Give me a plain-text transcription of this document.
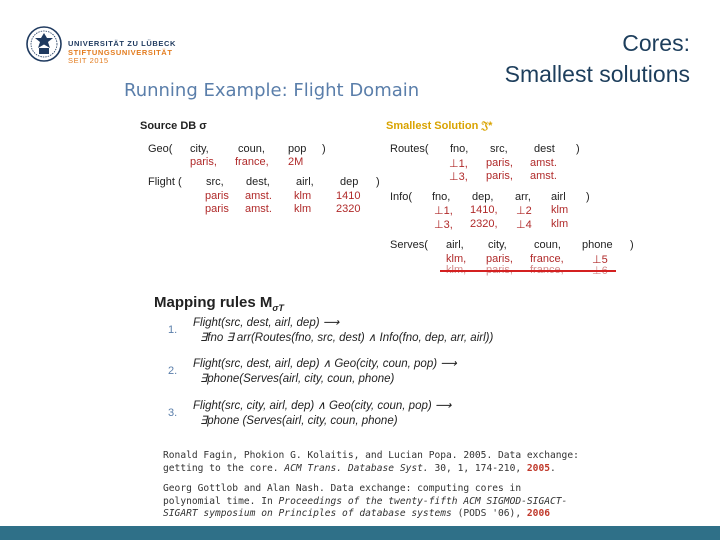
UNIVERSITÄT ZU LÜBECK
STIFTUNGSUNIVERSITÄT
SEIT 2015
Cores:
Smallest solutions
Running Example: Flight Domain
Source DB σ
Geo( city,	coun, pop )
paris, france, 2M
Flight ( src, dest, airl, dep )
paris amst. klm 1410
paris amst. klm 2320
Smallest Solution 𝔍*
Routes( fno, src, dest )
⊥1, paris, amst.
⊥3, paris, amst.
Info( fno, dep, arr, airl )
⊥1, 1410, ⊥2 klm
⊥3, 2320, ⊥4 klm
Serves( airl, city, coun, phone )
klm, paris, france,	⊥5
Mapping rules $M_{\sigma T}$
1.
Flight(src, dest, airl, dep) ⟶
∃fno ∃ arr(Routes(fno, src, dest) ∧ Info(fno, dep, arr, airl))
2.
Flight(src, dest, airl, dep) ∧ Geo(city, coun, pop) ⟶
∃phone(Serves(airl, city, coun, phone)
3.
Flight(src, city, airl, dep) ∧ Geo(city, coun, pop) ⟶
∃phone (Serves(airl, city, coun, phone)
Ronald Fagin, Phokion G. Kolaitis, and Lucian Popa. 2005. Data exchange:
getting to the core. ACM Trans. Database Syst. 30, 1, 174-210, 2005.
Georg Gottlob and Alan Nash. Data exchange: computing cores in
polynomial time. In Proceedings of the twenty-fifth ACM SIGMOD-SIGACT-
SIGART symposium on Principles of database systems (PODS '06), 2006
